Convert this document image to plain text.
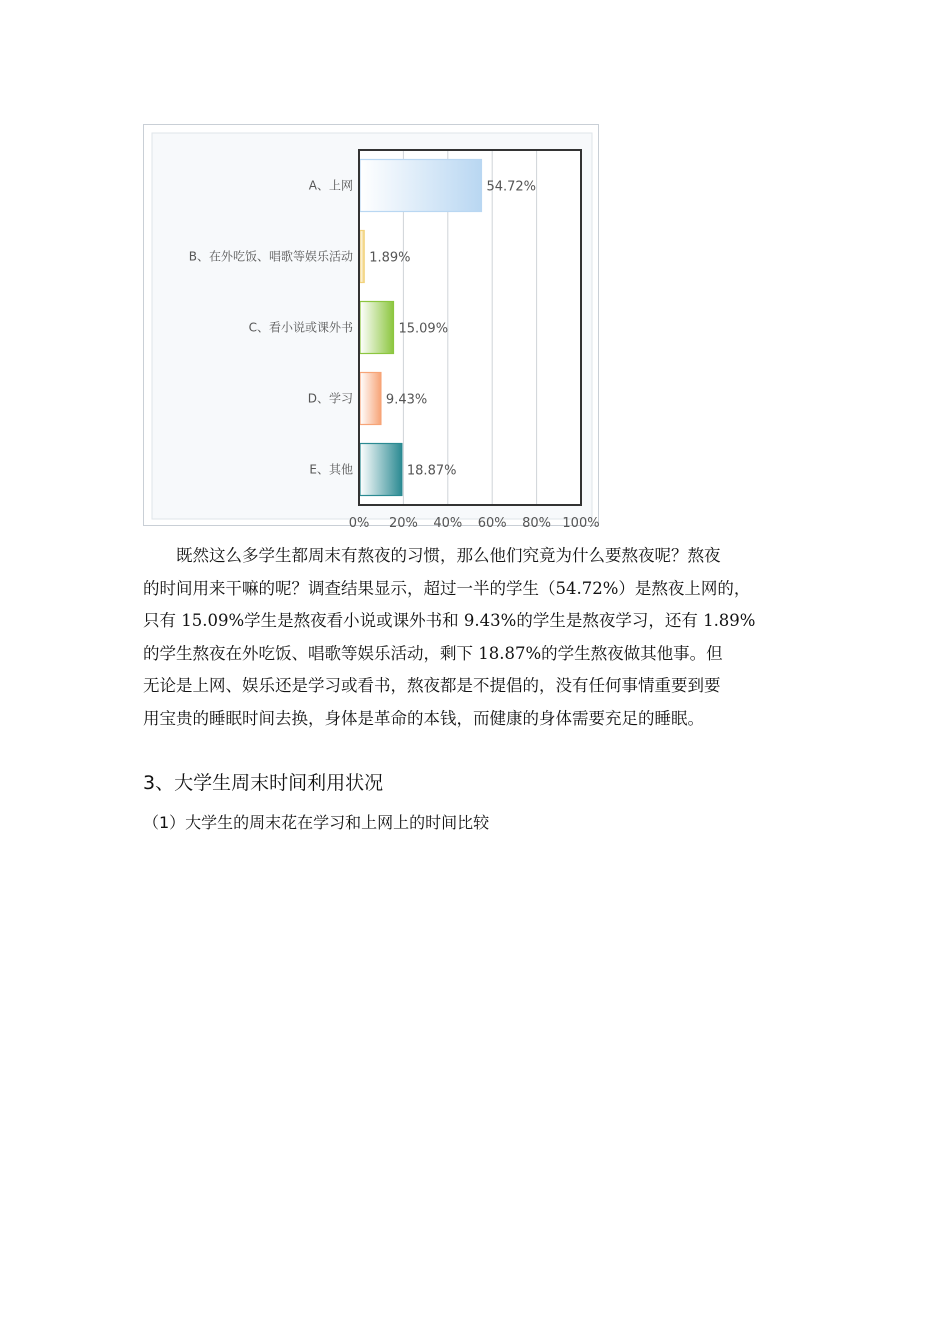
0% 20% 40% 60% 80% 100%
54.72%
A、上网
1.89%
B、在外吃饭、唱歌等娱乐活动
15.09%
C、看小说或课外书
9.43%
D、学习
18.87%
E、其他
既然这么多学生都周末有熬夜的习惯，那么他们究竟为什么要熬夜呢？熬夜
的时间用来干嘛的呢？调查结果显示，超过一半的学生（54.72%）是熬夜上网的，
只有 15.09%学生是熬夜看小说或课外书和 9.43%的学生是熬夜学习，还有 1.89%
的学生熬夜在外吃饭、唱歌等娱乐活动，剩下 18.87%的学生熬夜做其他事。但
无论是上网、娱乐还是学习或看书，熬夜都是不提倡的，没有任何事情重要到要
用宝贵的睡眠时间去换，身体是革命的本钱，而健康的身体需要充足的睡眠。
3、大学生周末时间利用状况

（1）大学生的周末花在学习和上网上的时间比较
